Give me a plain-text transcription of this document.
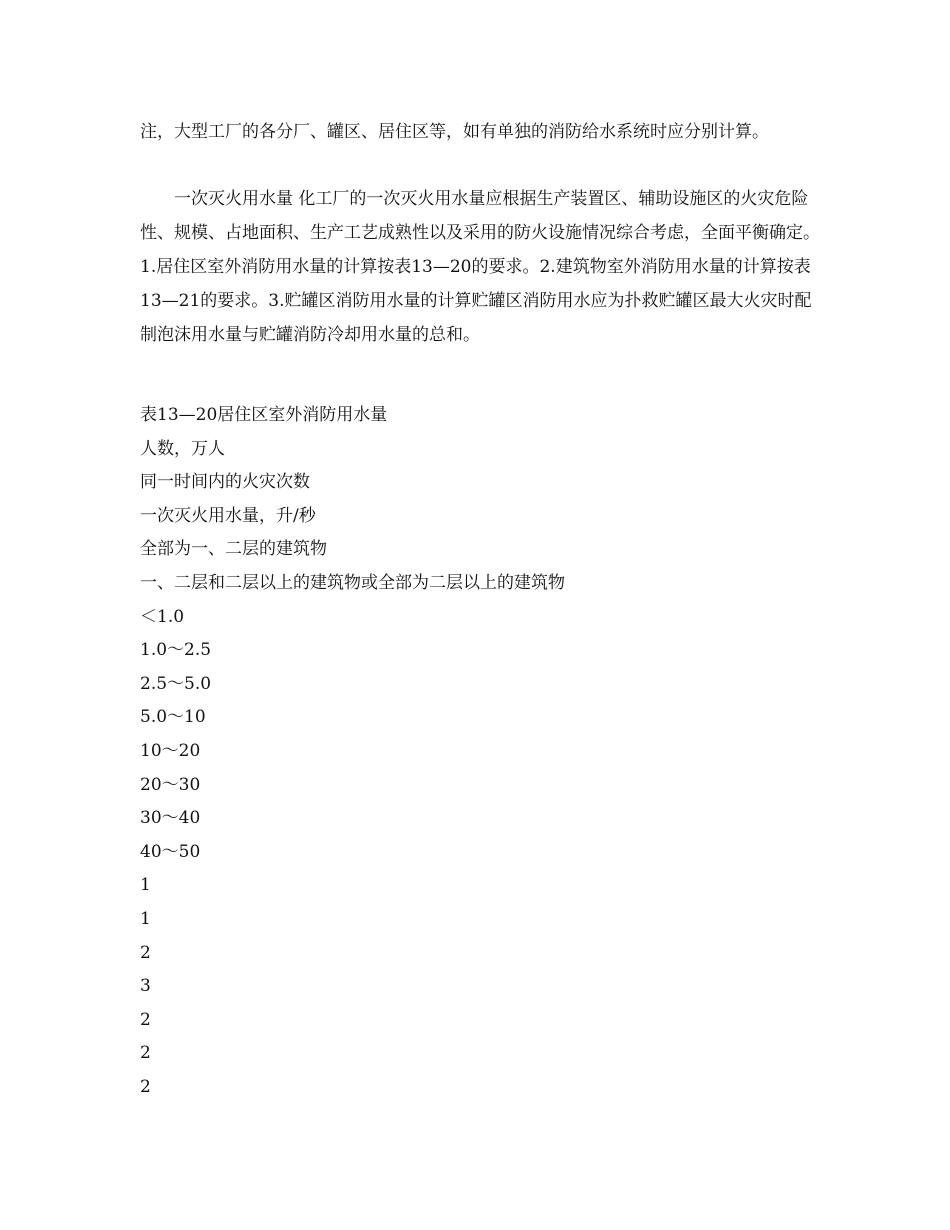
注，大型工厂的各分厂、罐区、居住区等，如有单独的消防给水系统时应分别计算。

一次灭火用水量 化工厂的一次灭火用水量应根据生产装置区、辅助设施区的火灾危险性、规模、占地面积、生产工艺成熟性以及采用的防火设施情况综合考虑，全面平衡确定。1.居住区室外消防用水量的计算按表13—20的要求。2.建筑物室外消防用水量的计算按表13—21的要求。3.贮罐区消防用水量的计算贮罐区消防用水应为扑救贮罐区最大火灾时配制泡沫用水量与贮罐消防冷却用水量的总和。

表13—20居住区室外消防用水量
人数，万人
同一时间内的火灾次数
一次灭火用水量，升/秒
全部为一、二层的建筑物
一、二层和二层以上的建筑物或全部为二层以上的建筑物
＜1.0
1.0～2.5
2.5～5.0
5.0～10
10～20
20～30
30～40
40～50
1
1
2
3
2
2
2
